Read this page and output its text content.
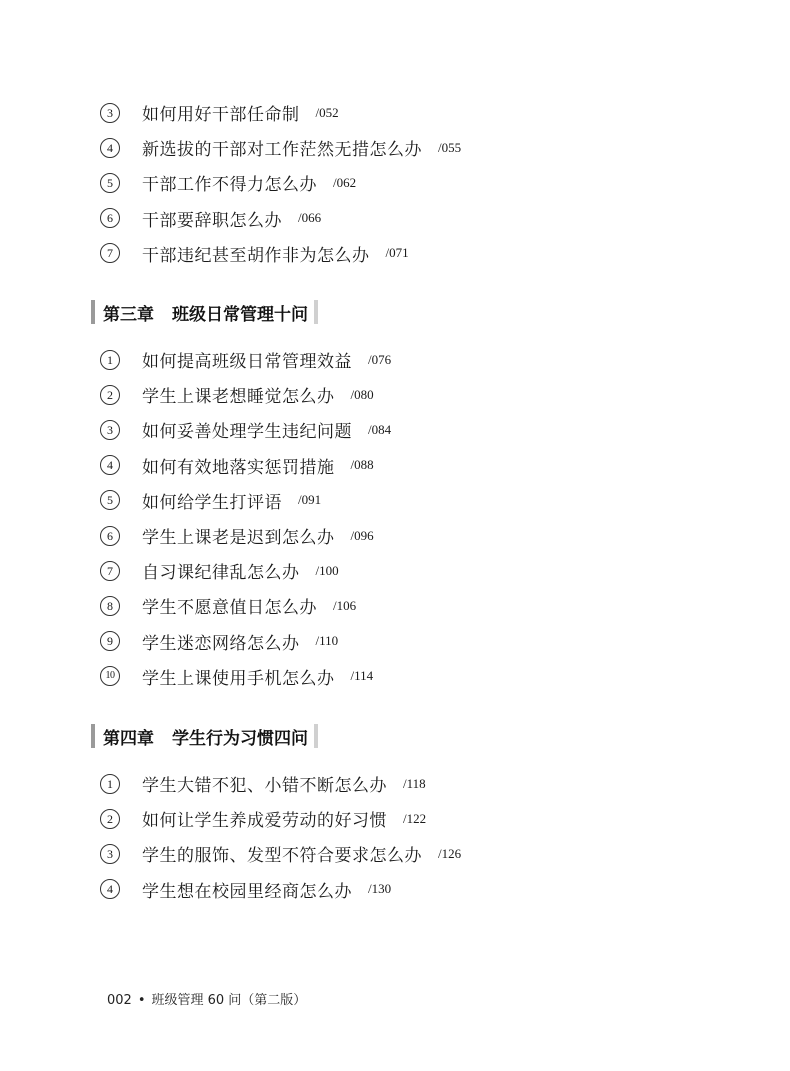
3	如何用好干部任命制 /052
4	新选拔的干部对工作茫然无措怎么办 /055
5	干部工作不得力怎么办 /062
6	干部要辞职怎么办 /066
7	干部违纪甚至胡作非为怎么办 /071
第三章 班级日常管理十问
1	如何提高班级日常管理效益 /076
2	学生上课老想睡觉怎么办 /080
3	如何妥善处理学生违纪问题 /084
4	如何有效地落实惩罚措施 /088
5	如何给学生打评语 /091
6	学生上课老是迟到怎么办 /096
7	自习课纪律乱怎么办 /100
8	学生不愿意值日怎么办 /106
9	学生迷恋网络怎么办 /110
10	学生上课使用手机怎么办 /114
第四章 学生行为习惯四问
1	学生大错不犯、小错不断怎么办 /118
2	如何让学生养成爱劳动的好习惯 /122
3	学生的服饰、发型不符合要求怎么办 /126
4	学生想在校园里经商怎么办 /130
002 • 班级管理 60 问（第二版）
